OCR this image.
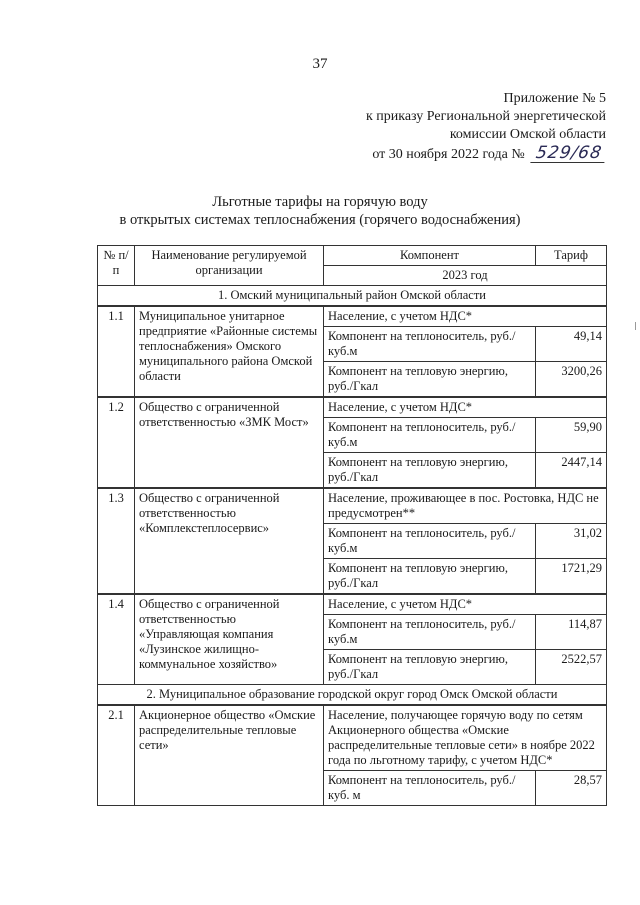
37
Приложение № 5
к приказу Региональной энергетической
комиссии Омской области
от 30 ноября 2022 года № 529/68
Льготные тарифы на горячую воду
в открытых системах теплоснабжения (горячего водоснабжения)
№ п/п	Наименование регулируемой организации	Компонент	Тариф
		2023 год	
1. Омский муниципальный район Омской области			
1.1	Муниципальное унитарное предприятие «Районные системы теплоснабжения» Омского муниципального района Омской области	Население, с учетом НДС*	
		Компонент на теплоноситель, руб./куб.м	49,14
		Компонент на тепловую энергию, руб./Гкал	3200,26
1.2	Общество с ограниченной ответственностью «ЗМК Мост»	Население, с учетом НДС*	
		Компонент на теплоноситель, руб./куб.м	59,90
		Компонент на тепловую энергию, руб./Гкал	2447,14
1.3	Общество с ограниченной ответственностью «Комплекстеплосервис»	Население, проживающее в пос. Ростовка, НДС не предусмотрен**	
		Компонент на теплоноситель, руб./куб.м	31,02
		Компонент на тепловую энергию, руб./Гкал	1721,29
1.4	Общество с ограниченной ответственностью «Управляющая компания «Лузинское жилищно-коммунальное хозяйство»	Население, с учетом НДС*	
		Компонент на теплоноситель, руб./куб.м	114,87
		Компонент на тепловую энергию, руб./Гкал	2522,57
2. Муниципальное образование городской округ город Омск Омской области			
2.1	Акционерное общество «Омские распределительные тепловые сети»	Население, получающее горячую воду по сетям Акционерного общества «Омские распределительные тепловые сети» в ноябре 2022 года по льготному тарифу, с учетом НДС*	
		Компонент на теплоноситель, руб./куб. м	28,57
